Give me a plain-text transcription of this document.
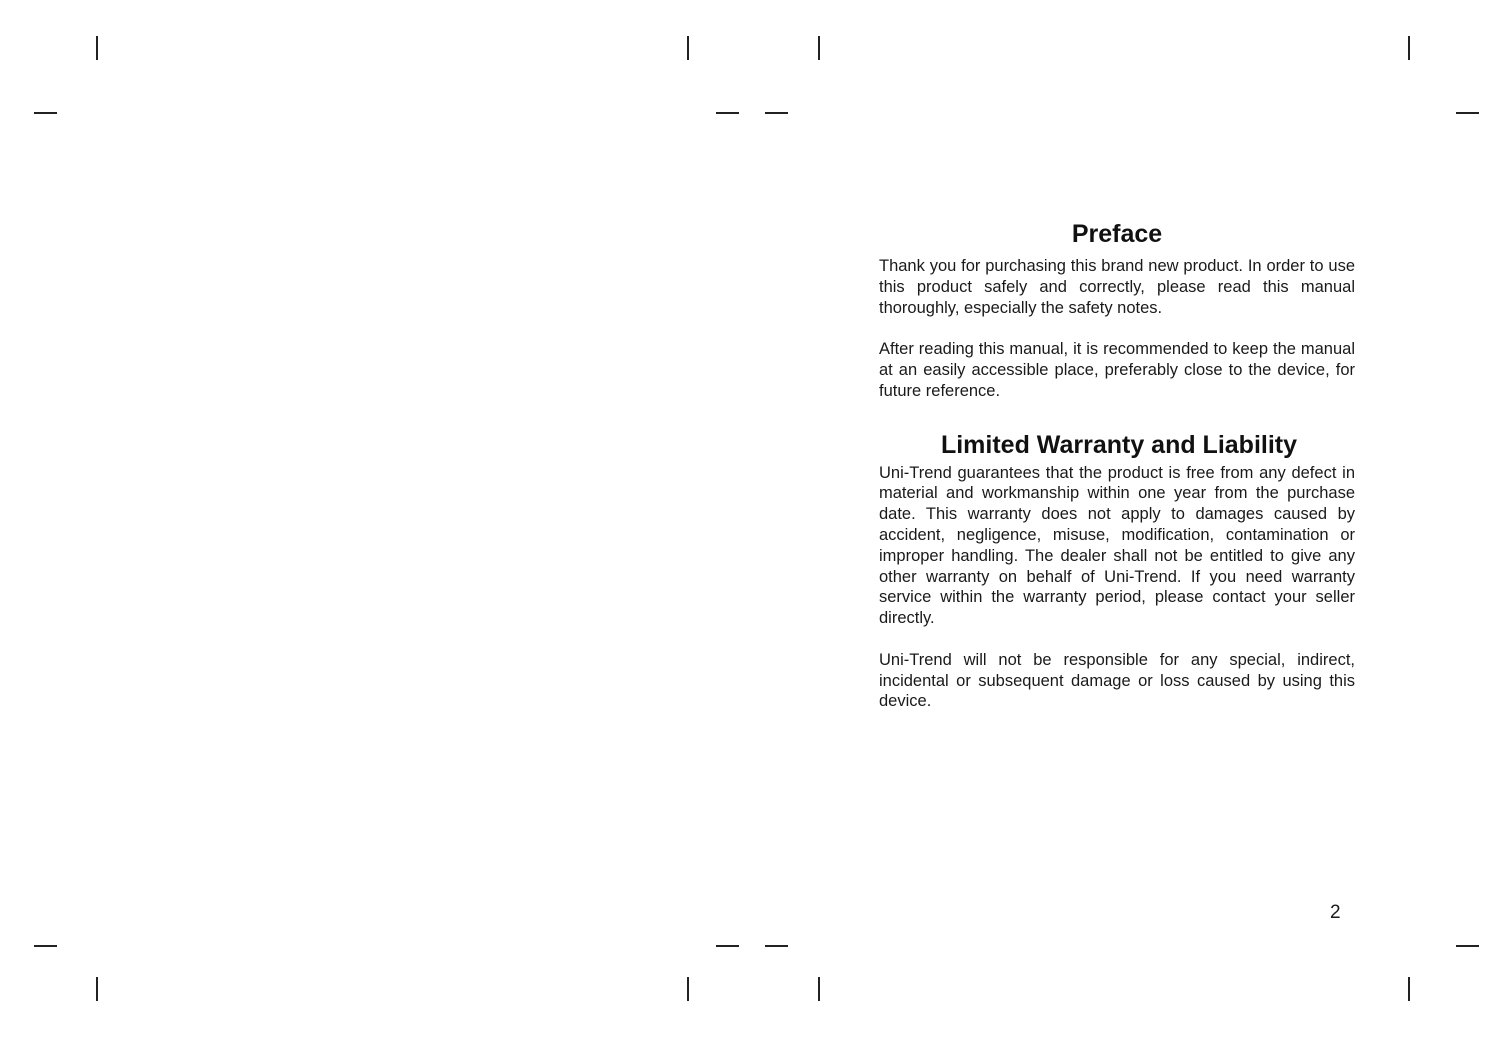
Preface

Thank you for purchasing this brand new product. In order to use this product safely and correctly, please read this manual thoroughly, especially the safety notes.

After reading this manual, it is recommended to keep the manual at an easily accessible place, preferably close to the device, for future reference.

Limited Warranty and Liability

Uni-Trend guarantees that the product is free from any defect in material and workmanship within one year from the purchase date. This warranty does not apply to damages caused by accident, negligence, misuse, modification, contamination or improper handling. The dealer shall not be entitled to give any other warranty on behalf of Uni-Trend. If you need warranty service within the warranty period, please contact your seller directly.

Uni-Trend will not be responsible for any special, indirect, incidental or subsequent damage or loss caused by using this device.

2
